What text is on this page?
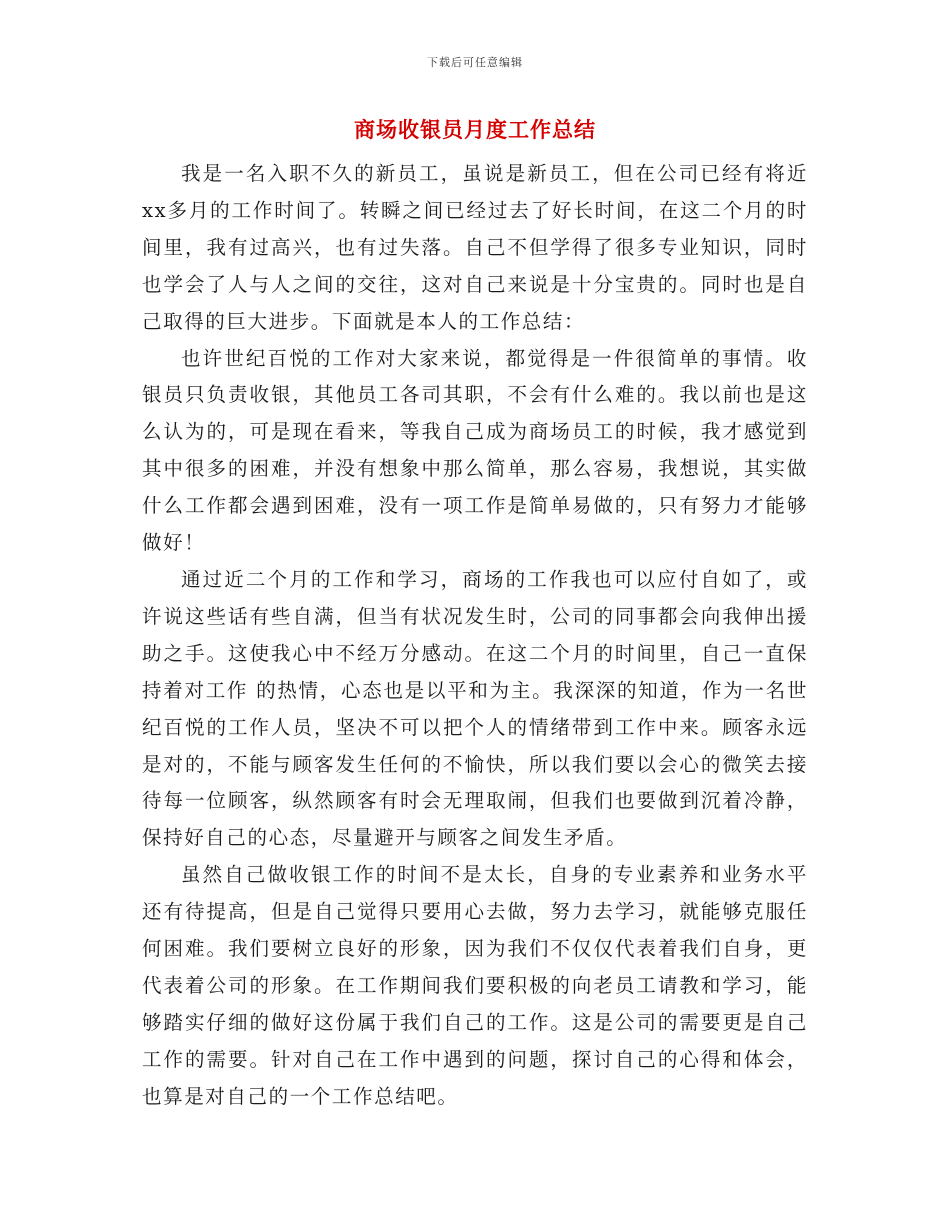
下载后可任意编辑
商场收银员月度工作总结

我是一名入职不久的新员工，虽说是新员工，但在公司已经有将近xx多月的工作时间了。转瞬之间已经过去了好长时间，在这二个月的时间里，我有过高兴，也有过失落。自己不但学得了很多专业知识，同时也学会了人与人之间的交往，这对自己来说是十分宝贵的。同时也是自己取得的巨大进步。下面就是本人的工作总结：

也许世纪百悦的工作对大家来说，都觉得是一件很简单的事情。收银员只负责收银，其他员工各司其职，不会有什么难的。我以前也是这么认为的，可是现在看来，等我自己成为商场员工的时候，我才感觉到其中很多的困难，并没有想象中那么简单，那么容易，我想说，其实做什么工作都会遇到困难，没有一项工作是简单易做的，只有努力才能够做好！

通过近二个月的工作和学习，商场的工作我也可以应付自如了，或许说这些话有些自满，但当有状况发生时，公司的同事都会向我伸出援助之手。这使我心中不经万分感动。在这二个月的时间里，自己一直保持着对工作 的热情，心态也是以平和为主。我深深的知道，作为一名世纪百悦的工作人员，坚决不可以把个人的情绪带到工作中来。顾客永远是对的，不能与顾客发生任何的不愉快，所以我们要以会心的微笑去接待每一位顾客，纵然顾客有时会无理取闹，但我们也要做到沉着冷静，保持好自己的心态，尽量避开与顾客之间发生矛盾。

虽然自己做收银工作的时间不是太长，自身的专业素养和业务水平还有待提高，但是自己觉得只要用心去做，努力去学习，就能够克服任何困难。我们要树立良好的形象，因为我们不仅仅代表着我们自身，更代表着公司的形象。在工作期间我们要积极的向老员工请教和学习，能够踏实仔细的做好这份属于我们自己的工作。这是公司的需要更是自己工作的需要。针对自己在工作中遇到的问题，探讨自己的心得和体会，也算是对自己的一个工作总结吧。
